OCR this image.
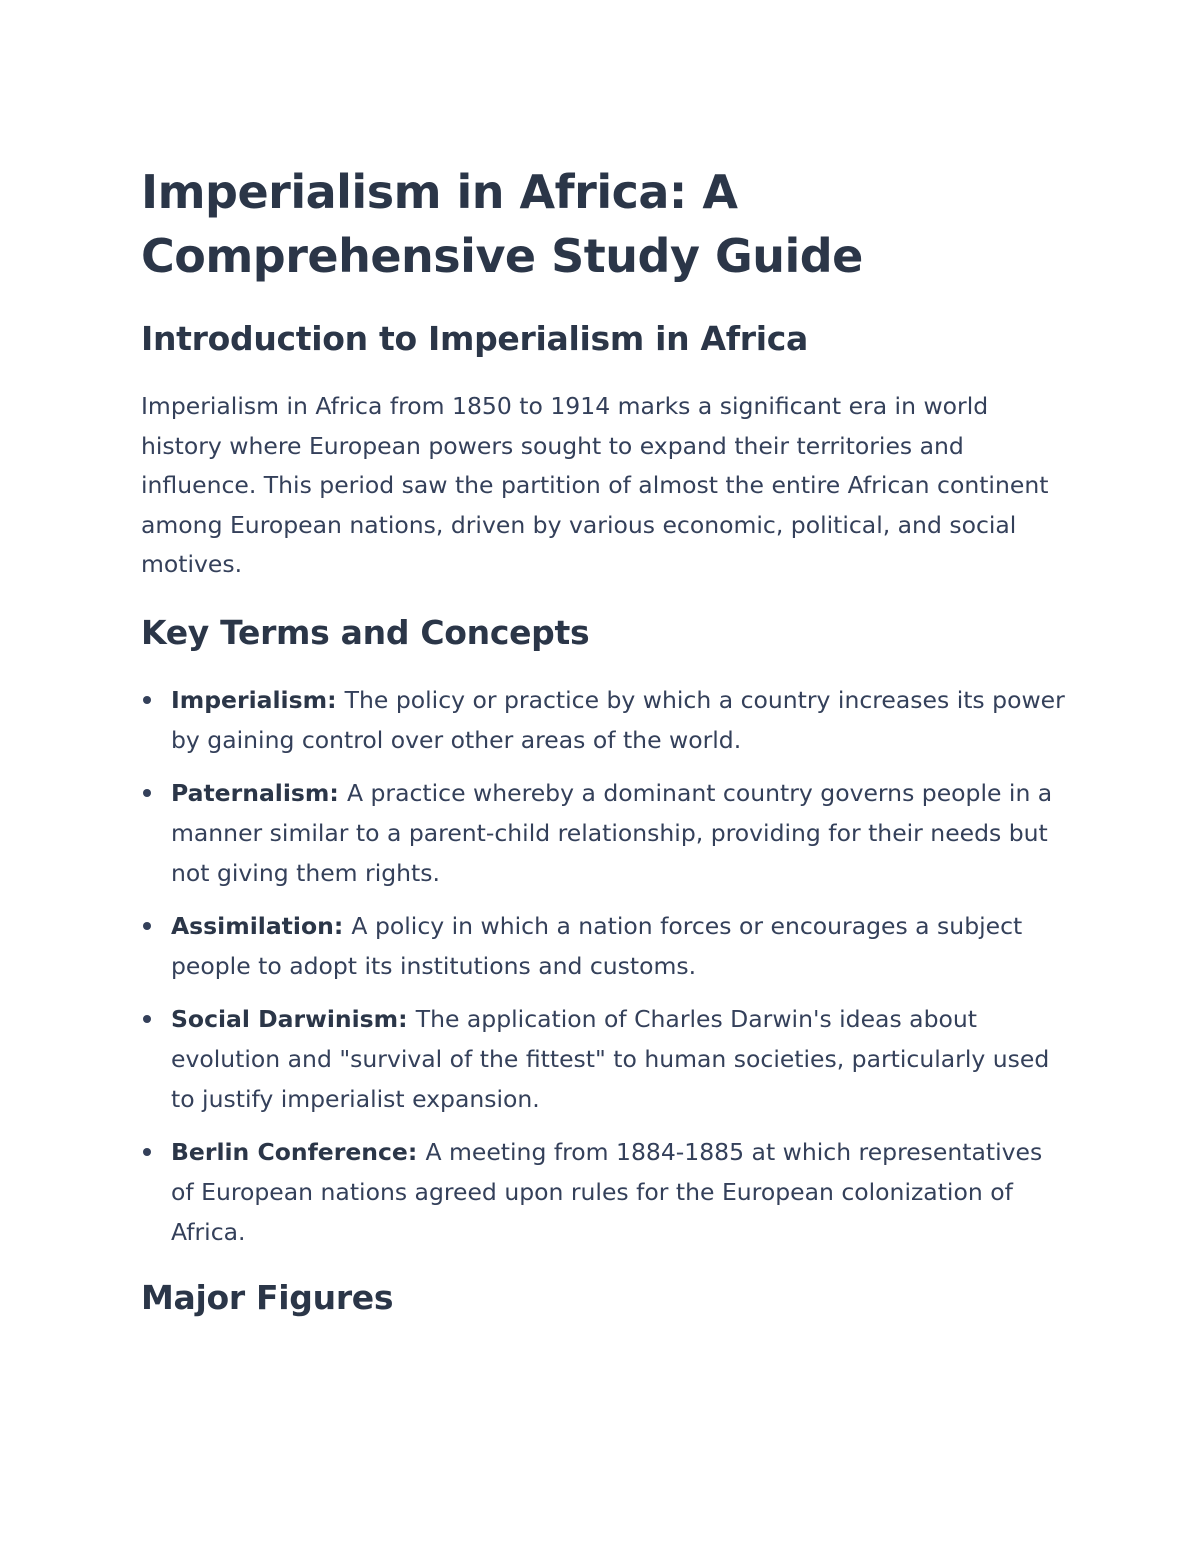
Imperialism in Africa: A Comprehensive Study Guide
Introduction to Imperialism in Africa

Imperialism in Africa from 1850 to 1914 marks a significant era in world history where European powers sought to expand their territories and influence. This period saw the partition of almost the entire African continent among European nations, driven by various economic, political, and social motives.

Key Terms and Concepts
Imperialism: The policy or practice by which a country increases its power by gaining control over other areas of the world.
Paternalism: A practice whereby a dominant country governs people in a manner similar to a parent-child relationship, providing for their needs but not giving them rights.
Assimilation: A policy in which a nation forces or encourages a subject people to adopt its institutions and customs.
Social Darwinism: The application of Charles Darwin's ideas about evolution and "survival of the fittest" to human societies, particularly used to justify imperialist expansion.
Berlin Conference: A meeting from 1884-1885 at which representatives of European nations agreed upon rules for the European colonization of Africa.
Major Figures
